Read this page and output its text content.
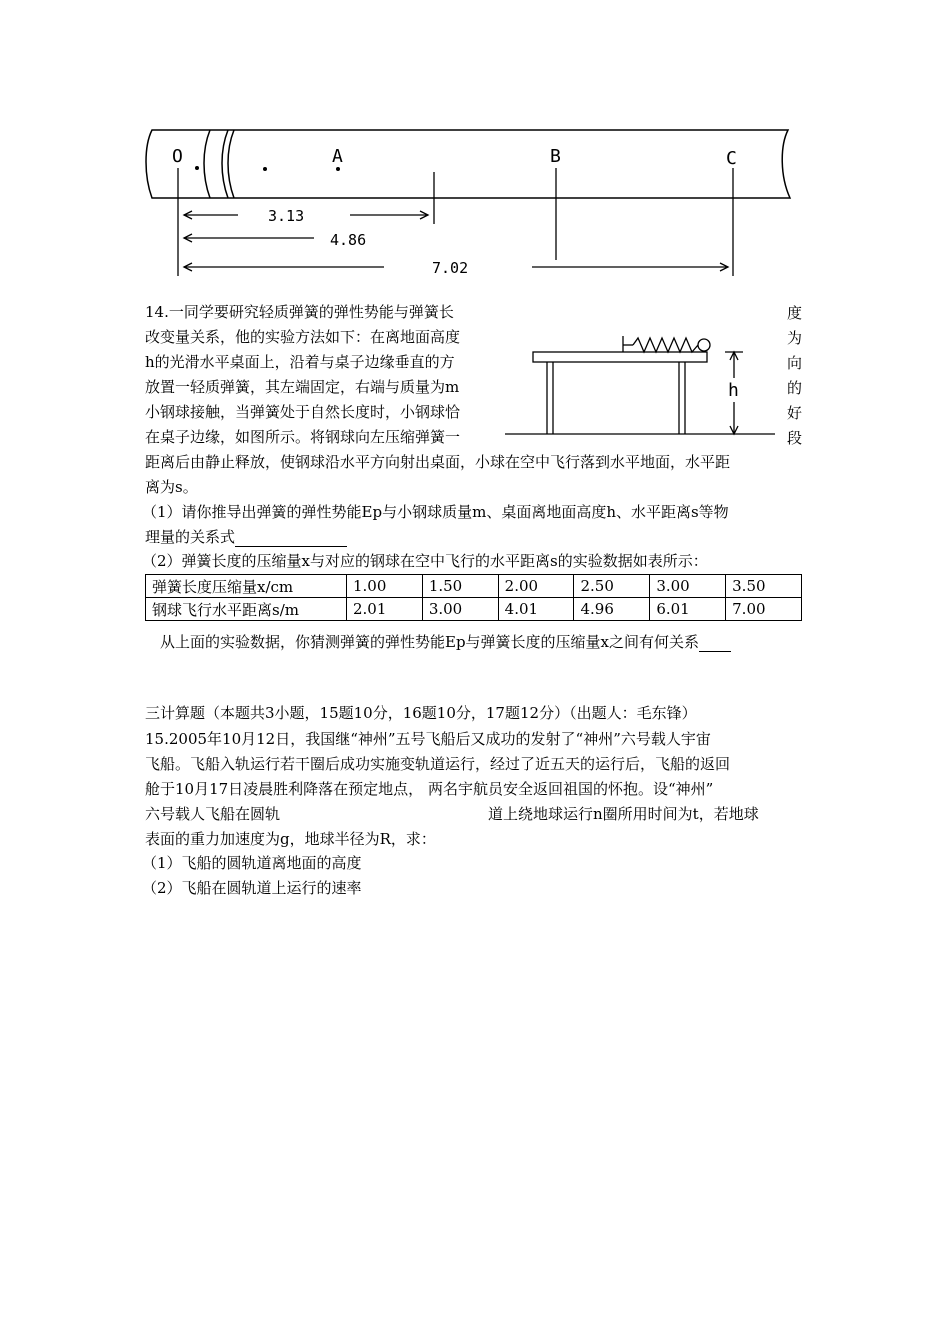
O	A	B	C
3.13
4.86
7.02
h
14.一同学要研究轻质弹簧的弹性势能与弹簧长
改变量关系，他的实验方法如下：在离地面高度
h的光滑水平桌面上，沿着与桌子边缘垂直的方
放置一轻质弹簧，其左端固定，右端与质量为m
小钢球接触，当弹簧处于自然长度时，小钢球恰
在桌子边缘，如图所示。将钢球向左压缩弹簧一
度
为
向
的
好
段
距离后由静止释放，使钢球沿水平方向射出桌面，小球在空中飞行落到水平地面，水平距
离为s。
（1）请你推导出弹簧的弹性势能Ep与小钢球质量m、桌面离地面高度h、水平距离s等物
理量的关系式
（2）弹簧长度的压缩量x与对应的钢球在空中飞行的水平距离s的实验数据如表所示：
弹簧长度压缩量x/cm	1.00	1.50	2.00	2.50	3.00	3.50
钢球飞行水平距离s/m	2.01	3.00	4.01	4.96	6.01	7.00
从上面的实验数据，你猜测弹簧的弹性势能Ep与弹簧长度的压缩量x之间有何关系
三计算题（本题共3小题，15题10分，16题10分，17题12分）（出题人：毛东锋）
15.2005年10月12日，我国继“神州”五号飞船后又成功的发射了“神州”六号载人宇宙
飞船。飞船入轨运行若干圈后成功实施变轨道运行，经过了近五天的运行后，飞船的返回
舱于10月17日凌晨胜利降落在预定地点， 两名宇航员安全返回祖国的怀抱。设“神州”
六号载人飞船在圆轨	道上绕地球运行n圈所用时间为t，若地球
表面的重力加速度为g，地球半径为R，求：
（1）飞船的圆轨道离地面的高度
（2）飞船在圆轨道上运行的速率
